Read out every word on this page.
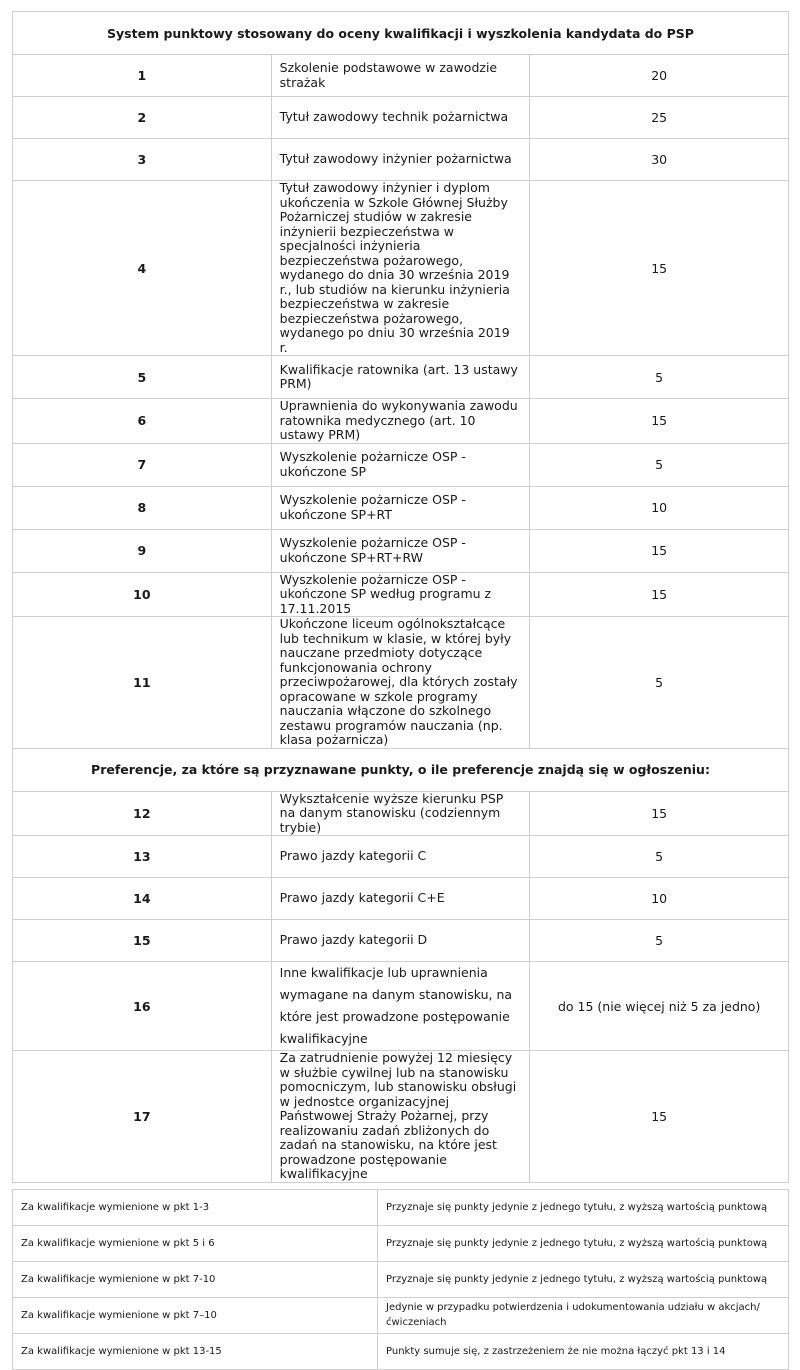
System punktowy stosowany do oceny kwalifikacji i wyszkolenia kandydata do PSP		
1	Szkolenie podstawowe w zawodzie strażak	20
2	Tytuł zawodowy technik pożarnictwa	25
3	Tytuł zawodowy inżynier pożarnictwa	30
4	Tytuł zawodowy inżynier i dyplom ukończenia w Szkole Głównej Służby Pożarniczej studiów w zakresie inżynierii bezpieczeństwa w specjalności inżynieria bezpieczeństwa pożarowego, wydanego do dnia 30 września 2019 r., lub studiów na kierunku inżynieria bezpieczeństwa w zakresie bezpieczeństwa pożarowego, wydanego po dniu 30 września 2019 r.	15
5	Kwalifikacje ratownika (art. 13 ustawy PRM)	5
6	Uprawnienia do wykonywania zawodu ratownika medycznego (art. 10 ustawy PRM)	15
7	Wyszkolenie pożarnicze OSP - ukończone SP	5
8	Wyszkolenie pożarnicze OSP - ukończone SP+RT	10
9	Wyszkolenie pożarnicze OSP - ukończone SP+RT+RW	15
10	Wyszkolenie pożarnicze OSP - ukończone SP według programu z 17.11.2015	15
11	Ukończone liceum ogólnokształcące lub technikum w klasie, w której były nauczane przedmioty dotyczące funkcjonowania ochrony przeciwpożarowej, dla których zostały opracowane w szkole programy nauczania włączone do szkolnego zestawu programów nauczania (np. klasa pożarnicza)	5
Preferencje, za które są przyznawane punkty, o ile preferencje znajdą się w ogłoszeniu:		
12	Wykształcenie wyższe kierunku PSP na danym stanowisku (codziennym trybie)	15
13	Prawo jazdy kategorii C	5
14	Prawo jazdy kategorii C+E	10
15	Prawo jazdy kategorii D	5
16	Inne kwalifikacje lub uprawnienia wymagane na danym stanowisku, na które jest prowadzone postępowanie kwalifikacyjne	do 15 (nie więcej niż 5 za jedno)
17	Za zatrudnienie powyżej 12 miesięcy w służbie cywilnej lub na stanowisku pomocniczym, lub stanowisku obsługi w jednostce organizacyjnej Państwowej Straży Pożarnej, przy realizowaniu zadań zbliżonych do zadań na stanowisku, na które jest prowadzone postępowanie kwalifikacyjne	15
Za kwalifikacje wymienione w pkt 1-3	Przyznaje się punkty jedynie z jednego tytułu, z wyższą wartością punktową
Za kwalifikacje wymienione w pkt 5 i 6	Przyznaje się punkty jedynie z jednego tytułu, z wyższą wartością punktową
Za kwalifikacje wymienione w pkt 7-10	Przyznaje się punkty jedynie z jednego tytułu, z wyższą wartością punktową
Za kwalifikacje wymienione w pkt 7–10	Jedynie w przypadku potwierdzenia i udokumentowania udziału w akcjach/ ćwiczeniach
Za kwalifikacje wymienione w pkt 13-15	Punkty sumuje się, z zastrzeżeniem że nie można łączyć pkt 13 i 14
